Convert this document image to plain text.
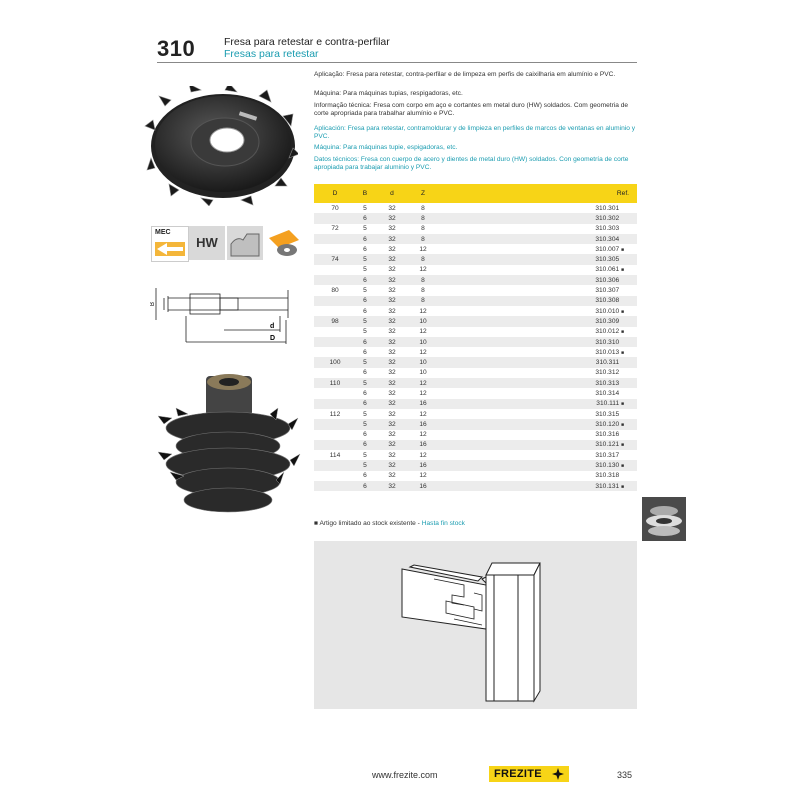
310	Fresa para retestar e contra-perfilar
Fresas para retestar
Aplicação: Fresa para retestar, contra-perfilar e de limpeza em perfis de caixilharia em alumínio e PVC.
Máquina: Para máquinas tupias, respigadoras, etc.
Informação técnica: Fresa com corpo em aço e cortantes em metal duro (HW) soldados. Com geometria de corte apropriada para trabalhar alumínio e PVC.
Aplicación: Fresa para retestar, contramoldurar y de limpieza en perfiles de marcos de ventanas en aluminio y PVC.
Máquina: Para máquinas tupie, espigadoras, etc.
Datos técnicos: Fresa con cuerpo de acero y dientes de metal duro (HW) soldados. Con geometría de corte apropiada para trabajar aluminio y PVC.
MEC
HW
B
d
D
D	B	d	Z	Ref.
70	5	32	8	310.301
	6	32	8	310.302
72	5	32	8	310.303
	6	32	8	310.304
	6	32	12	310.007 ■
74	5	32	8	310.305
	5	32	12	310.061 ■
	6	32	8	310.306
80	5	32	8	310.307
	6	32	8	310.308
	6	32	12	310.010 ■
98	5	32	10	310.309
	5	32	12	310.012 ■
	6	32	10	310.310
	6	32	12	310.013 ■
100	5	32	10	310.311
	6	32	10	310.312
110	5	32	12	310.313
	6	32	12	310.314
	6	32	16	310.111 ■
112	5	32	12	310.315
	5	32	16	310.120 ■
	6	32	12	310.316
	6	32	16	310.121 ■
114	5	32	12	310.317
	5	32	16	310.130 ■
	6	32	12	310.318
	6	32	16	310.131 ■
■ Artigo limitado ao stock existente - Hasta fin stock
www.frezite.com	FREZITE	335
